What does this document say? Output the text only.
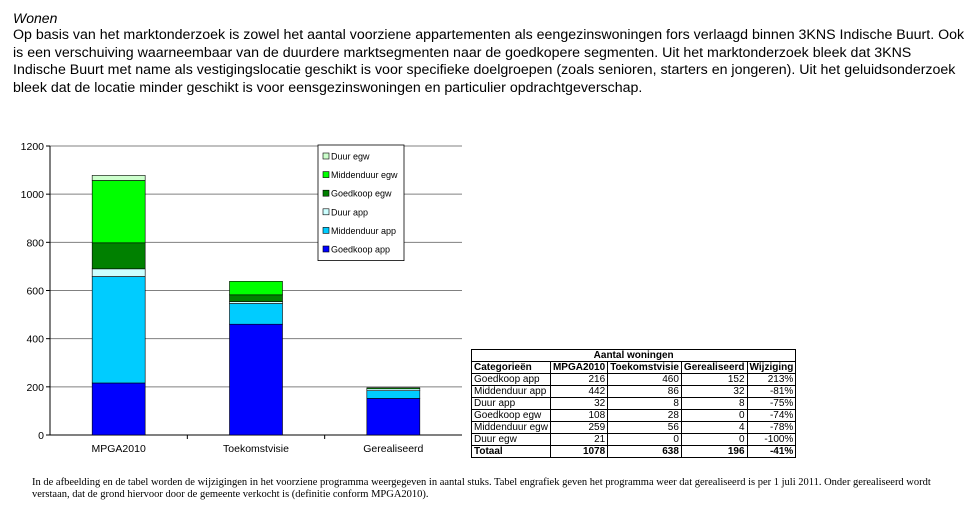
Wonen
Op basis van het marktonderzoek is zowel het aantal voorziene appartementen als eengezinswoningen fors verlaagd binnen 3KNS Indische Buurt. Ook is een verschuiving waarneembaar van de duurdere marktsegmenten naar de goedkopere segmenten. Uit het marktonderzoek bleek dat 3KNS Indische Buurt met name als vestigingslocatie geschikt is voor specifieke doelgroepen (zoals senioren, starters en jongeren). Uit het geluidsonderzoek bleek dat de locatie minder geschikt is voor eensgezinswoningen en particulier opdrachtgeverschap.
0
200
400
600
800
1000
1200
MPGA2010	Toekomstvisie	Gerealiseerd
Duur egw
Middenduur egw
Goedkoop egw
Duur app
Middenduur app
Goedkoop app
Aantal woningen				
Categorieën	MPGA2010	Toekomstvisie	Gerealiseerd	Wijziging
Goedkoop app	216	460	152	213%
Middenduur app	442	86	32	-81%
Duur app	32	8	8	-75%
Goedkoop egw	108	28	0	-74%
Middenduur egw	259	56	4	-78%
Duur egw	21	0	0	-100%
Totaal	1078	638	196	-41%
In de afbeelding en de tabel worden de wijzigingen in het voorziene programma weergegeven in aantal stuks. Tabel engrafiek geven het programma weer dat gerealiseerd is per 1 juli 2011. Onder gerealiseerd wordt verstaan, dat de grond hiervoor door de gemeente verkocht is (definitie conform MPGA2010).
